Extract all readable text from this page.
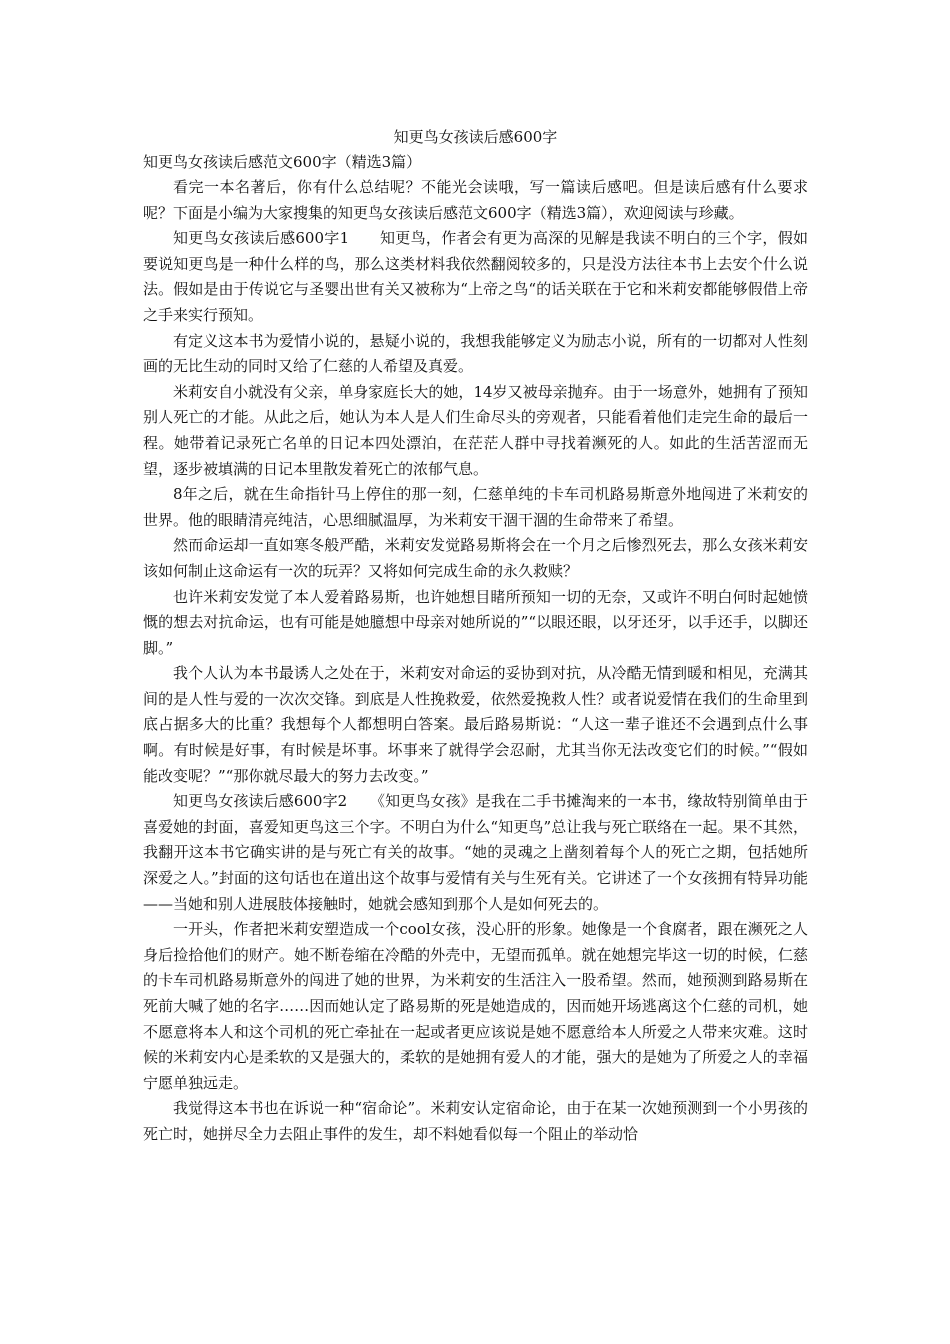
知更鸟女孩读后感600字

知更鸟女孩读后感范文600字（精选3篇）

看完一本名著后，你有什么总结呢？不能光会读哦，写一篇读后感吧。但是读后感有什么要求呢？下面是小编为大家搜集的知更鸟女孩读后感范文600字（精选3篇），欢迎阅读与珍藏。

知更鸟女孩读后感600字1　　知更鸟，作者会有更为高深的见解是我读不明白的三个字，假如要说知更鸟是一种什么样的鸟，那么这类材料我依然翻阅较多的，只是没方法往本书上去安个什么说法。假如是由于传说它与圣婴出世有关又被称为“上帝之鸟“的话关联在于它和米莉安都能够假借上帝之手来实行预知。

有定义这本书为爱情小说的，悬疑小说的，我想我能够定义为励志小说，所有的一切都对人性刻画的无比生动的同时又给了仁慈的人希望及真爱。

米莉安自小就没有父亲，单身家庭长大的她，14岁又被母亲抛弃。由于一场意外，她拥有了预知别人死亡的才能。从此之后，她认为本人是人们生命尽头的旁观者，只能看着他们走完生命的最后一程。她带着记录死亡名单的日记本四处漂泊，在茫茫人群中寻找着濒死的人。如此的生活苦涩而无望，逐步被填满的日记本里散发着死亡的浓郁气息。

8年之后，就在生命指针马上停住的那一刻，仁慈单纯的卡车司机路易斯意外地闯进了米莉安的世界。他的眼睛清亮纯洁，心思细腻温厚，为米莉安干涸干涸的生命带来了希望。

然而命运却一直如寒冬般严酷，米莉安发觉路易斯将会在一个月之后惨烈死去，那么女孩米莉安该如何制止这命运有一次的玩弄？又将如何完成生命的永久救赎？

也许米莉安发觉了本人爱着路易斯，也许她想目睹所预知一切的无奈，又或许不明白何时起她愤慨的想去对抗命运，也有可能是她臆想中母亲对她所说的”“以眼还眼，以牙还牙，以手还手，以脚还脚。”

我个人认为本书最诱人之处在于，米莉安对命运的妥协到对抗，从冷酷无情到暖和相见，充满其间的是人性与爱的一次次交锋。到底是人性挽救爱，依然爱挽救人性？或者说爱情在我们的生命里到底占据多大的比重？我想每个人都想明白答案。最后路易斯说：“人这一辈子谁还不会遇到点什么事啊。有时候是好事，有时候是坏事。坏事来了就得学会忍耐，尤其当你无法改变它们的时候。”“假如能改变呢？”“那你就尽最大的努力去改变。”

知更鸟女孩读后感600字2　　《知更鸟女孩》是我在二手书摊淘来的一本书，缘故特别简单由于喜爱她的封面，喜爱知更鸟这三个字。不明白为什么“知更鸟”总让我与死亡联络在一起。果不其然，我翻开这本书它确实讲的是与死亡有关的故事。“她的灵魂之上凿刻着每个人的死亡之期，包括她所深爱之人。”封面的这句话也在道出这个故事与爱情有关与生死有关。它讲述了一个女孩拥有特异功能——当她和别人进展肢体接触时，她就会感知到那个人是如何死去的。

一开头，作者把米莉安塑造成一个cool女孩，没心肝的形象。她像是一个食腐者，跟在濒死之人身后捡拾他们的财产。她不断卷缩在冷酷的外壳中，无望而孤单。就在她想完毕这一切的时候，仁慈的卡车司机路易斯意外的闯进了她的世界，为米莉安的生活注入一股希望。然而，她预测到路易斯在死前大喊了她的名字……因而她认定了路易斯的死是她造成的，因而她开场逃离这个仁慈的司机，她不愿意将本人和这个司机的死亡牵扯在一起或者更应该说是她不愿意给本人所爱之人带来灾难。这时候的米莉安内心是柔软的又是强大的，柔软的是她拥有爱人的才能，强大的是她为了所爱之人的幸福宁愿单独远走。

我觉得这本书也在诉说一种“宿命论”。米莉安认定宿命论，由于在某一次她预测到一个小男孩的死亡时，她拼尽全力去阻止事件的发生，却不料她看似每一个阻止的举动恰
